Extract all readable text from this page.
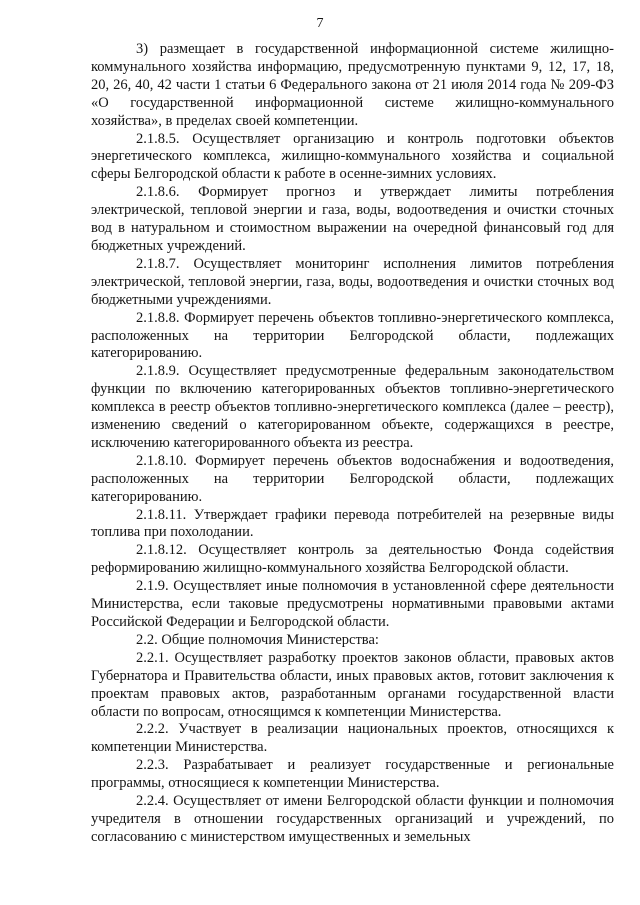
7

3) размещает в государственной информационной системе жилищно-коммунального хозяйства информацию, предусмотренную пунктами 9, 12, 17, 18, 20, 26, 40, 42 части 1 статьи 6 Федерального закона от 21 июля 2014 года № 209-ФЗ «О государственной информационной системе жилищно-коммунального хозяйства», в пределах своей компетенции.

2.1.8.5. Осуществляет организацию и контроль подготовки объектов энергетического комплекса, жилищно-коммунального хозяйства и социальной сферы Белгородской области к работе в осенне-зимних условиях.

2.1.8.6. Формирует прогноз и утверждает лимиты потребления электрической, тепловой энергии и газа, воды, водоотведения и очистки сточных вод в натуральном и стоимостном выражении на очередной финансовый год для бюджетных учреждений.

2.1.8.7. Осуществляет мониторинг исполнения лимитов потребления электрической, тепловой энергии, газа, воды, водоотведения и очистки сточных вод бюджетными учреждениями.

2.1.8.8. Формирует перечень объектов топливно-энергетического комплекса, расположенных на территории Белгородской области, подлежащих категорированию.

2.1.8.9. Осуществляет предусмотренные федеральным законодательством функции по включению категорированных объектов топливно-энергетического комплекса в реестр объектов топливно-энергетического комплекса (далее – реестр), изменению сведений о категорированном объекте, содержащихся в реестре, исключению категорированного объекта из реестра.

2.1.8.10. Формирует перечень объектов водоснабжения и водоотведения, расположенных на территории Белгородской области, подлежащих категорированию.

2.1.8.11. Утверждает графики перевода потребителей на резервные виды топлива при похолодании.

2.1.8.12. Осуществляет контроль за деятельностью Фонда содействия реформированию жилищно-коммунального хозяйства Белгородской области.

2.1.9. Осуществляет иные полномочия в установленной сфере деятельности Министерства, если таковые предусмотрены нормативными правовыми актами Российской Федерации и Белгородской области.

2.2. Общие полномочия Министерства:

2.2.1. Осуществляет разработку проектов законов области, правовых актов Губернатора и Правительства области, иных правовых актов, готовит заключения к проектам правовых актов, разработанным органами государственной власти области по вопросам, относящимся к компетенции Министерства.

2.2.2. Участвует в реализации национальных проектов, относящихся к компетенции Министерства.

2.2.3. Разрабатывает и реализует государственные и региональные программы, относящиеся к компетенции Министерства.

2.2.4. Осуществляет от имени Белгородской области функции и полномочия учредителя в отношении государственных организаций и учреждений, по согласованию с министерством имущественных и земельных
